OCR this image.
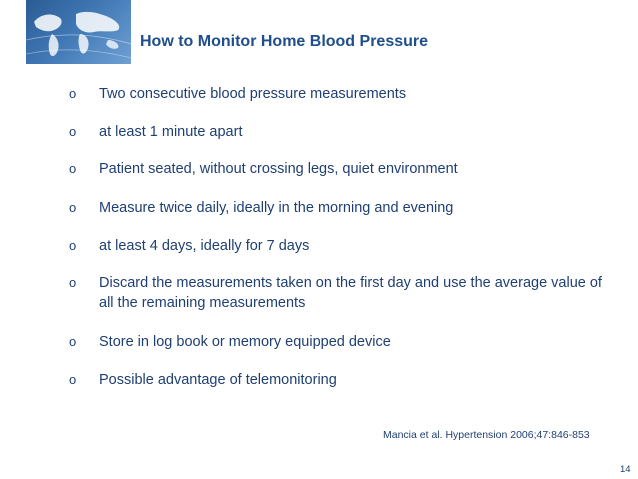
How to Monitor Home Blood Pressure
o	Two consecutive blood pressure measurements
o	at least 1 minute apart
o	Patient seated, without crossing legs, quiet environment
o	Measure twice daily, ideally in the morning and evening
o	at least 4 days, ideally for 7 days
o	Discard the measurements taken on the first day and use the average value of all the remaining measurements
o	Store in log book or memory equipped device
o	Possible advantage of telemonitoring
Mancia et al. Hypertension 2006;47:846-853
14
